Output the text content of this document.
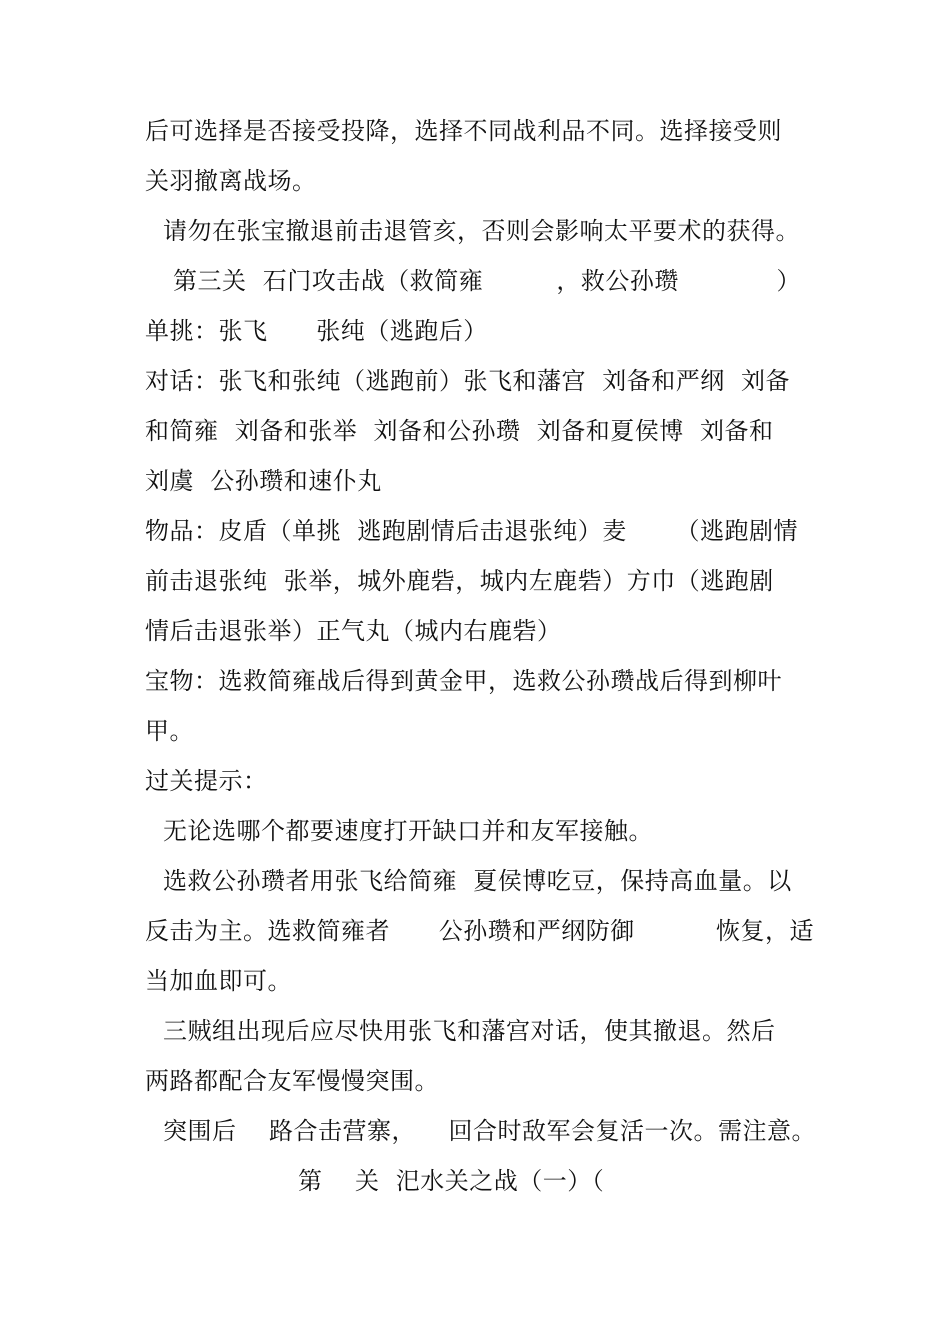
后可选择是否接受投降，选择不同战利品不同。选择接受则
关羽撤离战场。
请勿在张宝撤退前击退管亥，否则会影响太平要术的获得。
第三关  石门攻击战（救简雍         ，救公孙瓒            ）
单挑：张飞      张纯（逃跑后）
对话：张飞和张纯（逃跑前）张飞和藩宫  刘备和严纲  刘备
和简雍  刘备和张举  刘备和公孙瓒  刘备和夏侯博  刘备和
刘虞  公孙瓒和速仆丸
物品：皮盾（单挑  逃跑剧情后击退张纯）麦      （逃跑剧情
前击退张纯  张举，城外鹿砦，城内左鹿砦）方巾（逃跑剧
情后击退张举）正气丸（城内右鹿砦）
宝物：选救简雍战后得到黄金甲，选救公孙瓒战后得到柳叶
甲。
过关提示：
无论选哪个都要速度打开缺口并和友军接触。
选救公孙瓒者用张飞给简雍  夏侯博吃豆，保持高血量。以
反击为主。选救简雍者      公孙瓒和严纲防御          恢复，适
当加血即可。
三贼组出现后应尽快用张飞和藩宫对话，使其撤退。然后
两路都配合友军慢慢突围。
突围后    路合击营寨，    回合时敌军会复活一次。需注意。
第    关  汜水关之战（一）（
